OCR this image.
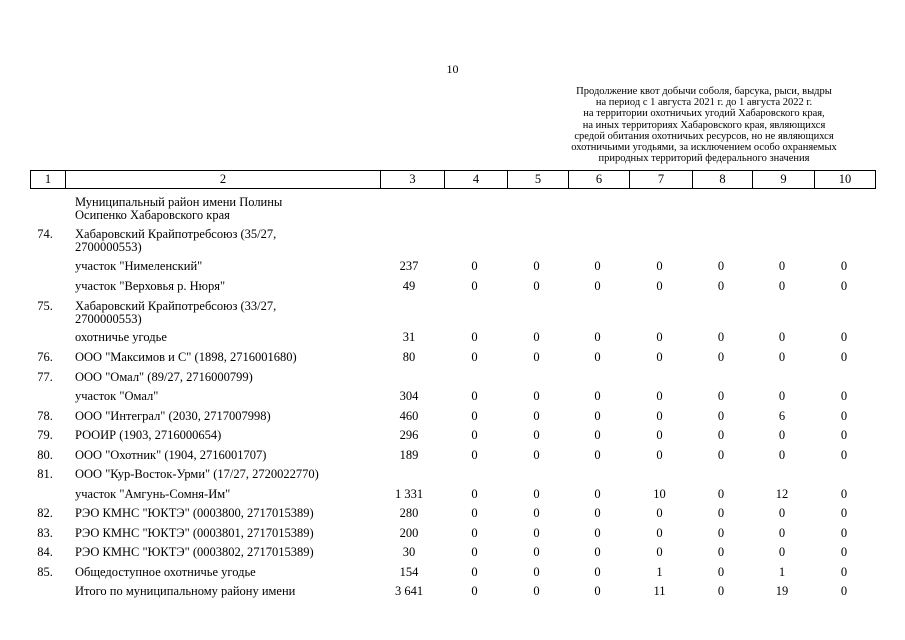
10
Продолжение квот добычи соболя, барсука, рыси, выдры
на период с 1 августа 2021 г. до 1 августа 2022 г.
на территории охотничьих угодий Хабаровского края,
на иных территориях Хабаровского края, являющихся
средой обитания охотничьих ресурсов, но не являющихся
охотничьими угодьями, за исключением особо охраняемых
природных территорий федерального значения
1	2	3	4	5	6	7	8	9	10
Муниципальный район имени Полины
Осипенко Хабаровского края
74.	Хабаровский Крайпотребсоюз (35/27,
2700000553)
участок "Нимеленский"	237	0	0	0	0	0	0	0
участок "Верховья р. Нюря"	49	0	0	0	0	0	0	0
75.	Хабаровский Крайпотребсоюз (33/27,
2700000553)
охотничье угодье	31	0	0	0	0	0	0	0
76.	ООО "Максимов и С" (1898, 2716001680)	80	0	0	0	0	0	0	0
77.	ООО "Омал" (89/27, 2716000799)
участок "Омал"	304	0	0	0	0	0	0	0
78.	ООО "Интеграл" (2030, 2717007998)	460	0	0	0	0	0	6	0
79.	РООИР (1903, 2716000654)	296	0	0	0	0	0	0	0
80.	ООО "Охотник" (1904, 2716001707)	189	0	0	0	0	0	0	0
81.	ООО "Кур-Восток-Урми" (17/27, 2720022770)
участок "Амгунь-Сомня-Им"	1 331	0	0	0	10	0	12	0
82.	РЭО КМНС "ЮКТЭ" (0003800, 2717015389)	280	0	0	0	0	0	0	0
83.	РЭО КМНС "ЮКТЭ" (0003801, 2717015389)	200	0	0	0	0	0	0	0
84.	РЭО КМНС "ЮКТЭ" (0003802, 2717015389)	30	0	0	0	0	0	0	0
85.	Общедоступное охотничье угодье	154	0	0	0	1	0	1	0
Итого по муниципальному району имени	3 641	0	0	0	11	0	19	0
